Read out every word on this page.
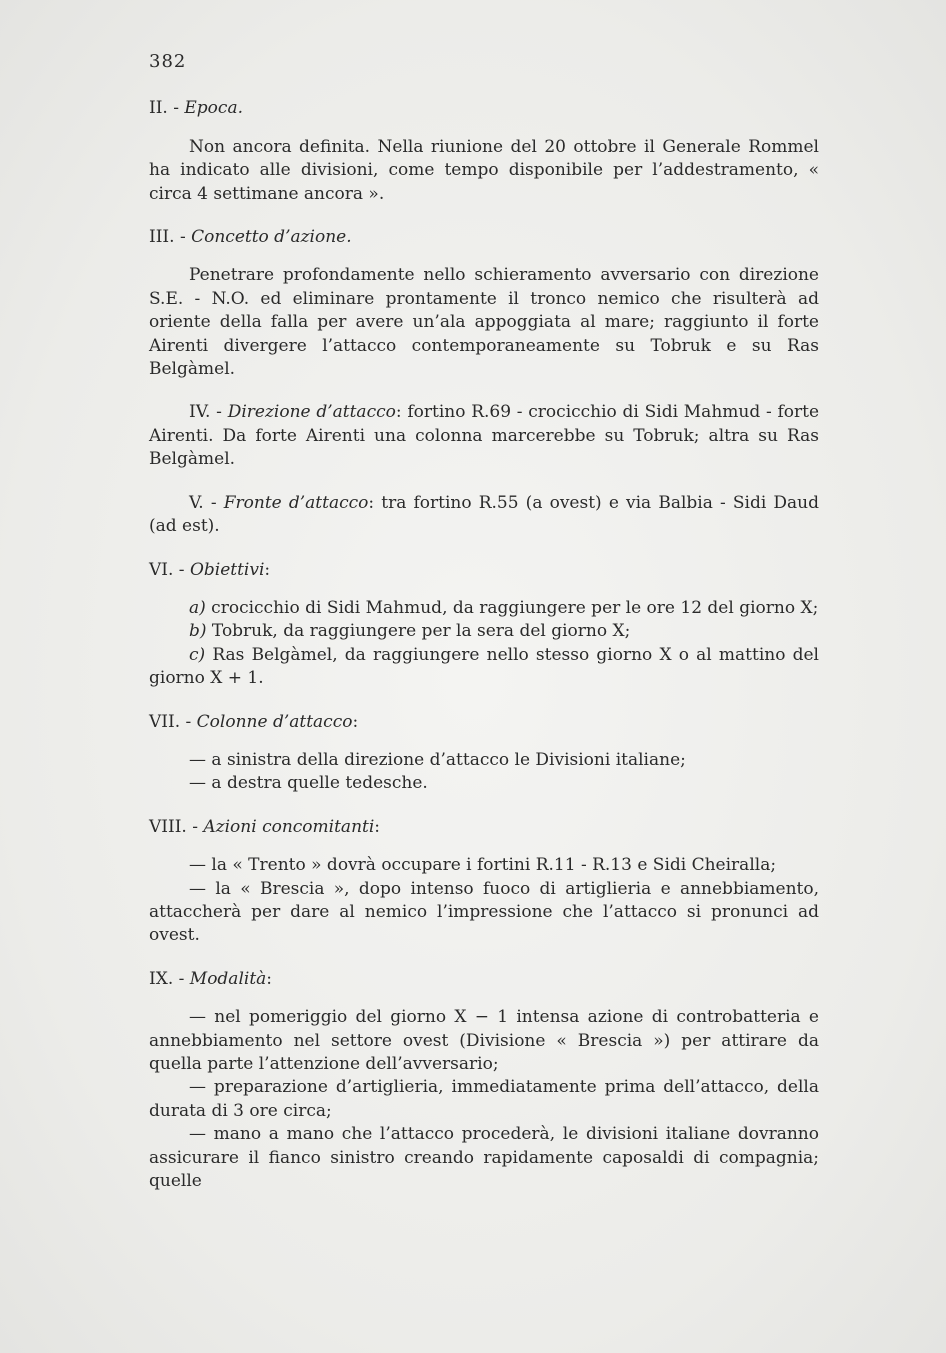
382

II. - Epoca.

Non ancora definita. Nella riunione del 20 ottobre il Generale Rommel ha indicato alle divisioni, come tempo disponibile per l’addestramento, « circa 4 settimane ancora ».

III. - Concetto d’azione.

Penetrare profondamente nello schieramento avversario con direzione S.E. - N.O. ed eliminare prontamente il tronco nemico che risulterà ad oriente della falla per avere un’ala appoggiata al mare; raggiunto il forte Airenti divergere l’attacco contemporaneamente su Tobruk e su Ras Belgàmel.

IV. - Direzione d’attacco: fortino R.69 - crocicchio di Sidi Mahmud - forte Airenti. Da forte Airenti una colonna marcerebbe su Tobruk; altra su Ras Belgàmel.

V. - Fronte d’attacco: tra fortino R.55 (a ovest) e via Balbia - Sidi Daud (ad est).

VI. - Obiettivi:

a) crocicchio di Sidi Mahmud, da raggiungere per le ore 12 del giorno X;

b) Tobruk, da raggiungere per la sera del giorno X;

c) Ras Belgàmel, da raggiungere nello stesso giorno X o al mattino del giorno X + 1.

VII. - Colonne d’attacco:

— a sinistra della direzione d’attacco le Divisioni italiane;

— a destra quelle tedesche.

VIII. - Azioni concomitanti:

— la « Trento » dovrà occupare i fortini R.11 - R.13 e Sidi Cheiralla;

— la « Brescia », dopo intenso fuoco di artiglieria e annebbiamento, attaccherà per dare al nemico l’impressione che l’attacco si pronunci ad ovest.

IX. - Modalità:

— nel pomeriggio del giorno X − 1 intensa azione di controbatteria e annebbiamento nel settore ovest (Divisione « Brescia ») per attirare da quella parte l’attenzione dell’avversario;

— preparazione d’artiglieria, immediatamente prima dell’attacco, della durata di 3 ore circa;

— mano a mano che l’attacco procederà, le divisioni italiane dovranno assicurare il fianco sinistro creando rapidamente caposaldi di compagnia; quelle
